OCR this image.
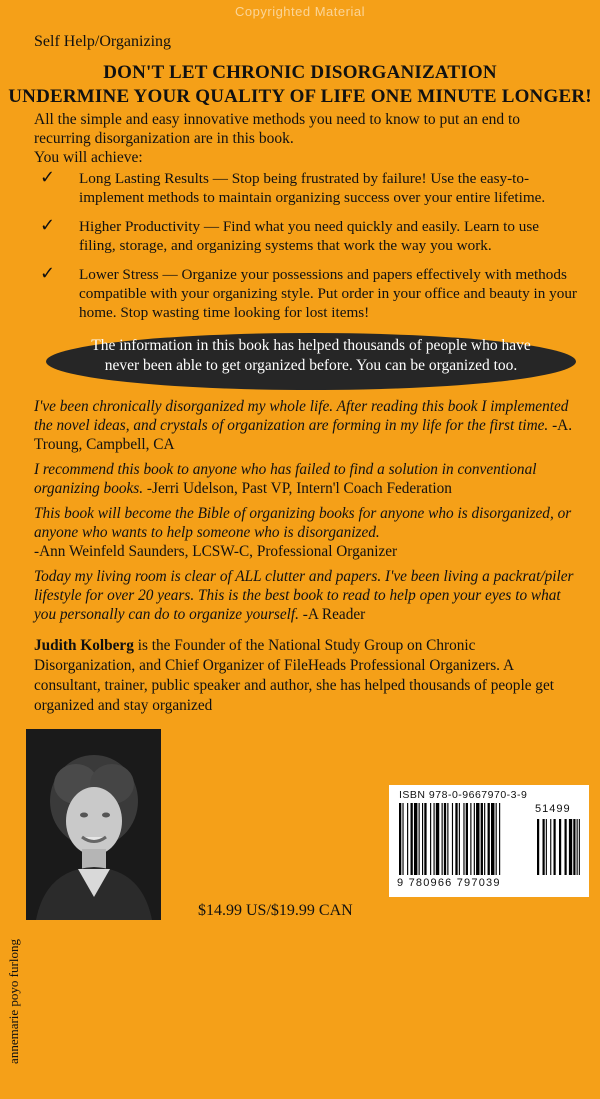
Copyrighted Material
Self Help/Organizing
DON'T LET CHRONIC DISORGANIZATION
UNDERMINE YOUR QUALITY OF LIFE ONE MINUTE LONGER!
All the simple and easy innovative methods you need to know to put an end to recurring disorganization are in this book.
You will achieve:
✓ Long Lasting Results — Stop being frustrated by failure! Use the easy-to-implement methods to maintain organizing success over your entire lifetime.
✓ Higher Productivity — Find what you need quickly and easily. Learn to use filing, storage, and organizing systems that work the way you work.
✓ Lower Stress — Organize your possessions and papers effectively with methods compatible with your organizing style. Put order in your office and beauty in your home. Stop wasting time looking for lost items!
The information in this book has helped thousands of people who have
never been able to get organized before. You can be organized too.
I've been chronically disorganized my whole life. After reading this book I implemented the novel ideas, and crystals of organization are forming in my life for the first time. -A. Troung, Campbell, CA
I recommend this book to anyone who has failed to find a solution in conventional organizing books. -Jerri Udelson, Past VP, Intern'l Coach Federation
This book will become the Bible of organizing books for anyone who is disorganized, or anyone who wants to help someone who is disorganized.
-Ann Weinfeld Saunders, LCSW-C, Professional Organizer
Today my living room is clear of ALL clutter and papers. I've been living a packrat/piler lifestyle for over 20 years. This is the best book to read to help open your eyes to what you personally can do to organize yourself. -A Reader
Judith Kolberg is the Founder of the National Study Group on Chronic Disorganization, and Chief Organizer of FileHeads Professional Organizers. A consultant, trainer, public speaker and author, she has helped thousands of people get organized and stay organized
annemarie poyo furlong
$14.99 US/$19.99 CAN
ISBN 978-0-9667970-3-9
51499
9 780966 797039
